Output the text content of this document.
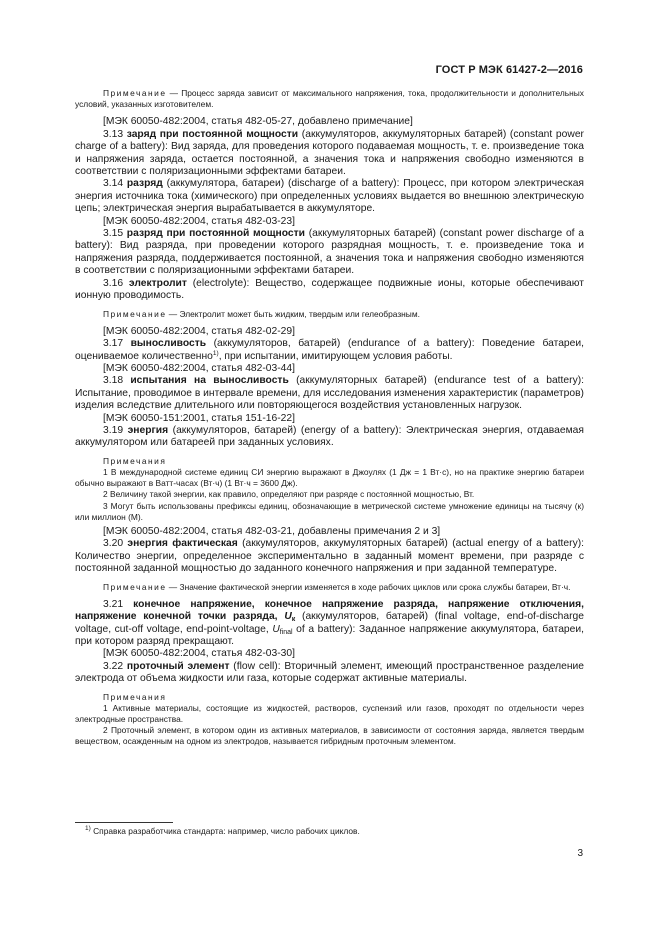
ГОСТ Р МЭК 61427-2—2016

Примечание — Процесс заряда зависит от максимального напряжения, тока, продолжительности и дополнительных условий, указанных изготовителем.

[МЭК 60050-482:2004, статья 482-05-27, добавлено примечание]

3.13 заряд при постоянной мощности (аккумуляторов, аккумуляторных батарей) (constant power charge of a battery): Вид заряда, для проведения которого подаваемая мощность, т. е. произведение тока и напряжения заряда, остается постоянной, а значения тока и напряжения свободно изменяются в соответствии с поляризационными эффектами батареи.

3.14 разряд (аккумулятора, батареи) (discharge of a battery): Процесс, при котором электрическая энергия источника тока (химического) при определенных условиях выдается во внешнюю электрическую цепь; электрическая энергия вырабатывается в аккумуляторе.

[МЭК 60050-482:2004, статья 482-03-23]

3.15 разряд при постоянной мощности (аккумуляторных батарей) (constant power discharge of a battery): Вид разряда, при проведении которого разрядная мощность, т. е. произведение тока и напряжения разряда, поддерживается постоянной, а значения тока и напряжения свободно изменяются в соответствии с поляризационными эффектами батареи.

3.16 электролит (electrolyte): Вещество, содержащее подвижные ионы, которые обеспечивают ионную проводимость.

Примечание — Электролит может быть жидким, твердым или гелеобразным.

[МЭК 60050-482:2004, статья 482-02-29]

3.17 выносливость (аккумуляторов, батарей) (endurance of a battery): Поведение батареи, оцениваемое количественно$^{1)}$, при испытании, имитирующем условия работы.

[МЭК 60050-482:2004, статья 482-03-44]

3.18 испытания на выносливость (аккумуляторных батарей) (endurance test of a battery): Испытание, проводимое в интервале времени, для исследования изменения характеристик (параметров) изделия вследствие длительного или повторяющегося воздействия установленных нагрузок.

[МЭК 60050-151:2001, статья 151-16-22]

3.19 энергия (аккумуляторов, батарей) (energy of a battery): Электрическая энергия, отдаваемая аккумулятором или батареей при заданных условиях.

Примечания

1 В международной системе единиц СИ энергию выражают в Джоулях (1 Дж = 1 Вт·с), но на практике энергию батареи обычно выражают в Ватт-часах (Вт·ч) (1 Вт·ч = 3600 Дж).

2 Величину такой энергии, как правило, определяют при разряде с постоянной мощностью, Вт.

3 Могут быть использованы префиксы единиц, обозначающие в метрической системе умножение единицы на тысячу (к) или миллион (М).

[МЭК 60050-482:2004, статья 482-03-21, добавлены примечания 2 и 3]

3.20 энергия фактическая (аккумуляторов, аккумуляторных батарей) (actual energy of a battery): Количество энергии, определенное экспериментально в заданный момент времени, при разряде с постоянной заданной мощностью до заданного конечного напряжения и при заданной температуре.

Примечание — Значение фактической энергии изменяется в ходе рабочих циклов или срока службы батареи, Вт·ч.

3.21 конечное напряжение, конечное напряжение разряда, напряжение отключения, напряжение конечной точки разряда, $U_к$ (аккумуляторов, батарей) (final voltage, end-of-discharge voltage, cut-off voltage, end-point-voltage, $U_{final}$ of a battery): Заданное напряжение аккумулятора, батареи, при котором разряд прекращают.

[МЭК 60050-482:2004, статья 482-03-30]

3.22 проточный элемент (flow cell): Вторичный элемент, имеющий пространственное разделение электрода от объема жидкости или газа, которые содержат активные материалы.

Примечания

1 Активные материалы, состоящие из жидкостей, растворов, суспензий или газов, проходят по отдельности через электродные пространства.

2 Проточный элемент, в котором один из активных материалов, в зависимости от состояния заряда, является твердым веществом, осажденным на одном из электродов, называется гибридным проточным элементом.

$^{1)}$ Справка разработчика стандарта: например, число рабочих циклов.
3
